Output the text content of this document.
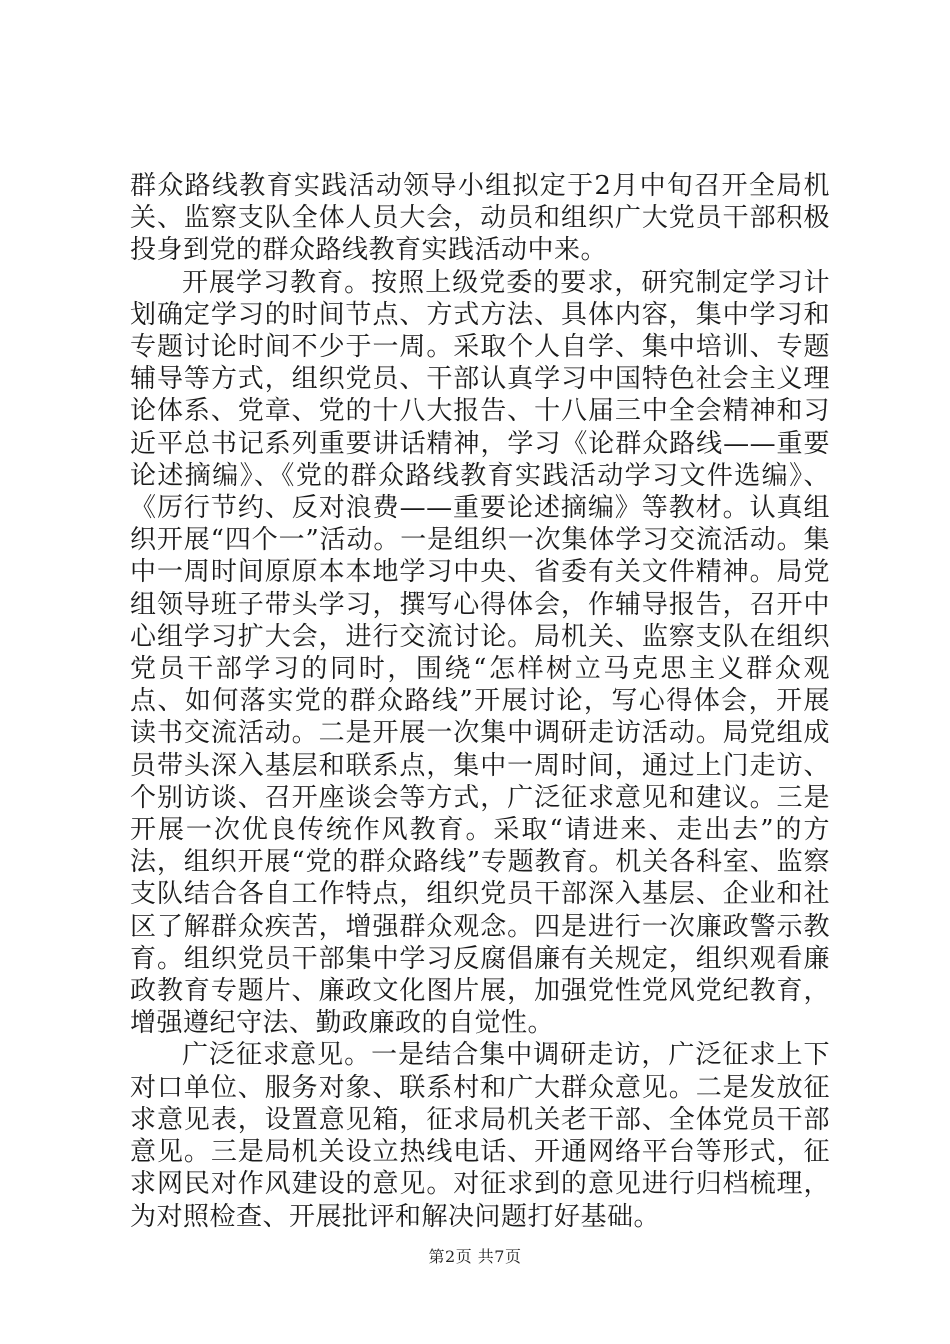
群众路线教育实践活动领导小组拟定于2月中旬召开全局机关、监察支队全体人员大会，动员和组织广大党员干部积极投身到党的群众路线教育实践活动中来。

开展学习教育。按照上级党委的要求，研究制定学习计划确定学习的时间节点、方式方法、具体内容，集中学习和专题讨论时间不少于一周。采取个人自学、集中培训、专题辅导等方式，组织党员、干部认真学习中国特色社会主义理论体系、党章、党的十八大报告、十八届三中全会精神和习近平总书记系列重要讲话精神，学习《论群众路线——重要论述摘编》、《党的群众路线教育实践活动学习文件选编》、《厉行节约、反对浪费——重要论述摘编》等教材。认真组织开展“四个一”活动。一是组织一次集体学习交流活动。集中一周时间原原本本地学习中央、省委有关文件精神。局党组领导班子带头学习，撰写心得体会，作辅导报告，召开中心组学习扩大会，进行交流讨论。局机关、监察支队在组织党员干部学习的同时，围绕“怎样树立马克思主义群众观点、如何落实党的群众路线”开展讨论，写心得体会，开展读书交流活动。二是开展一次集中调研走访活动。局党组成员带头深入基层和联系点，集中一周时间，通过上门走访、个别访谈、召开座谈会等方式，广泛征求意见和建议。三是开展一次优良传统作风教育。采取“请进来、走出去”的方法，组织开展“党的群众路线”专题教育。机关各科室、监察支队结合各自工作特点，组织党员干部深入基层、企业和社区了解群众疾苦，增强群众观念。四是进行一次廉政警示教育。组织党员干部集中学习反腐倡廉有关规定，组织观看廉政教育专题片、廉政文化图片展，加强党性党风党纪教育，增强遵纪守法、勤政廉政的自觉性。

广泛征求意见。一是结合集中调研走访，广泛征求上下对口单位、服务对象、联系村和广大群众意见。二是发放征求意见表，设置意见箱，征求局机关老干部、全体党员干部意见。三是局机关设立热线电话、开通网络平台等形式，征求网民对作风建设的意见。对征求到的意见进行归档梳理，为对照检查、开展批评和解决问题打好基础。

第2页 共7页
